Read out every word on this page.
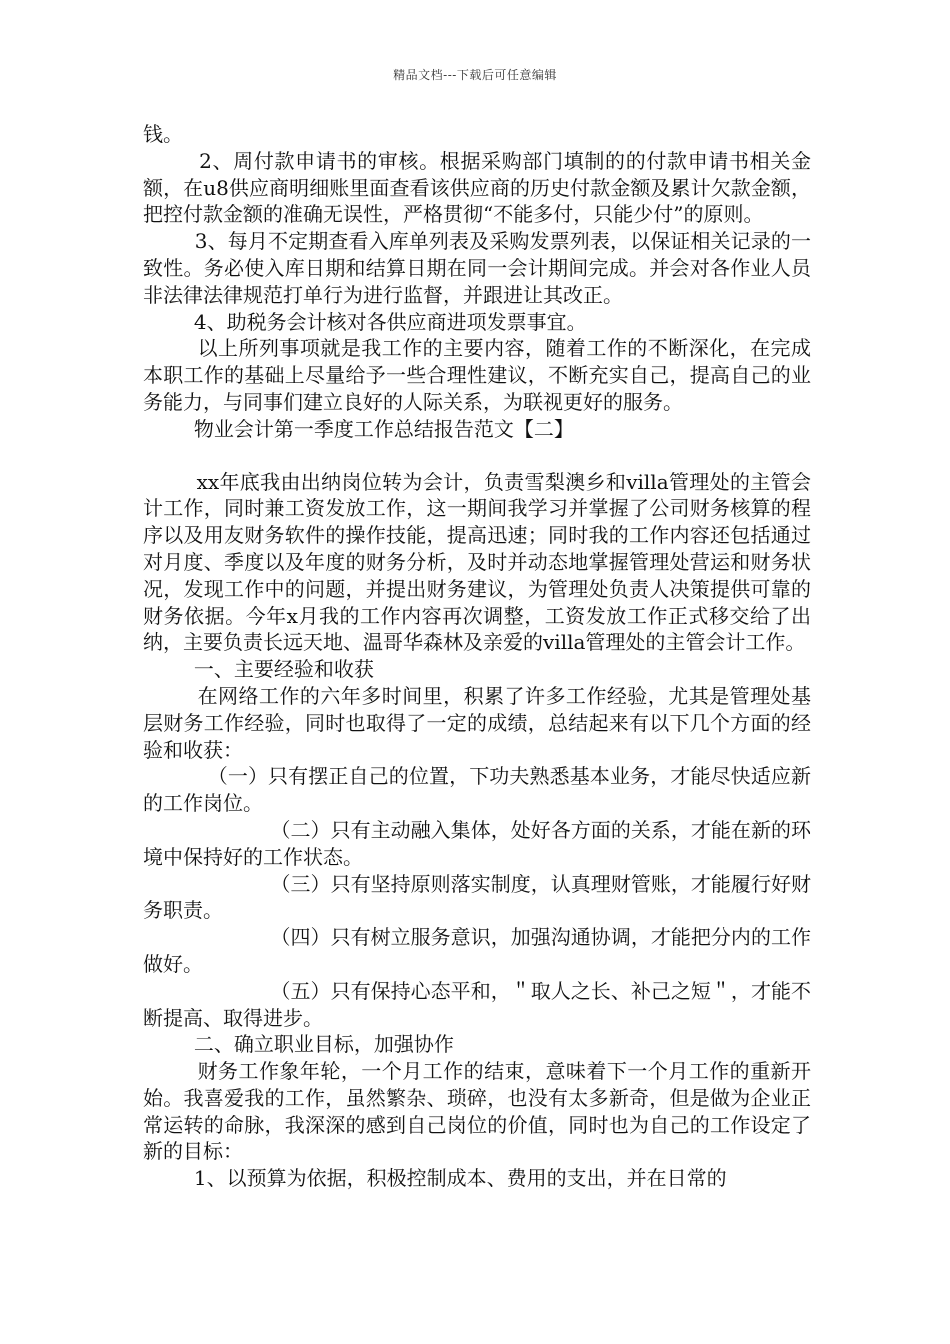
精品文档---下载后可任意编辑

钱。

2、周付款申请书的审核。根据采购部门填制的的付款申请书相关金额，在u8供应商明细账里面查看该供应商的历史付款金额及累计欠款金额，把控付款金额的准确无误性，严格贯彻“不能多付，只能少付”的原则。

3、每月不定期查看入库单列表及采购发票列表，以保证相关记录的一致性。务必使入库日期和结算日期在同一会计期间完成。并会对各作业人员非法律法律规范打单行为进行监督，并跟进让其改正。

4、助税务会计核对各供应商进项发票事宜。

以上所列事项就是我工作的主要内容，随着工作的不断深化，在完成本职工作的基础上尽量给予一些合理性建议，不断充实自己，提高自己的业务能力，与同事们建立良好的人际关系，为联视更好的服务。

物业会计第一季度工作总结报告范文【二】

xx年底我由出纳岗位转为会计，负责雪梨澳乡和villa管理处的主管会计工作，同时兼工资发放工作，这一期间我学习并掌握了公司财务核算的程序以及用友财务软件的操作技能，提高迅速；同时我的工作内容还包括通过对月度、季度以及年度的财务分析，及时并动态地掌握管理处营运和财务状况，发现工作中的问题，并提出财务建议，为管理处负责人决策提供可靠的财务依据。今年x月我的工作内容再次调整，工资发放工作正式移交给了出纳，主要负责长远天地、温哥华森林及亲爱的villa管理处的主管会计工作。

一、主要经验和收获

在网络工作的六年多时间里，积累了许多工作经验，尤其是管理处基层财务工作经验，同时也取得了一定的成绩，总结起来有以下几个方面的经验和收获：

（一）只有摆正自己的位置，下功夫熟悉基本业务，才能尽快适应新的工作岗位。

（二）只有主动融入集体，处好各方面的关系，才能在新的环境中保持好的工作状态。

（三）只有坚持原则落实制度，认真理财管账，才能履行好财务职责。

（四）只有树立服务意识，加强沟通协调，才能把分内的工作做好。

（五）只有保持心态平和，＂取人之长、补己之短＂，才能不断提高、取得进步。

二、确立职业目标，加强协作

财务工作象年轮，一个月工作的结束，意味着下一个月工作的重新开始。我喜爱我的工作，虽然繁杂、琐碎，也没有太多新奇，但是做为企业正常运转的命脉，我深深的感到自己岗位的价值，同时也为自己的工作设定了新的目标：

1、以预算为依据，积极控制成本、费用的支出，并在日常的
